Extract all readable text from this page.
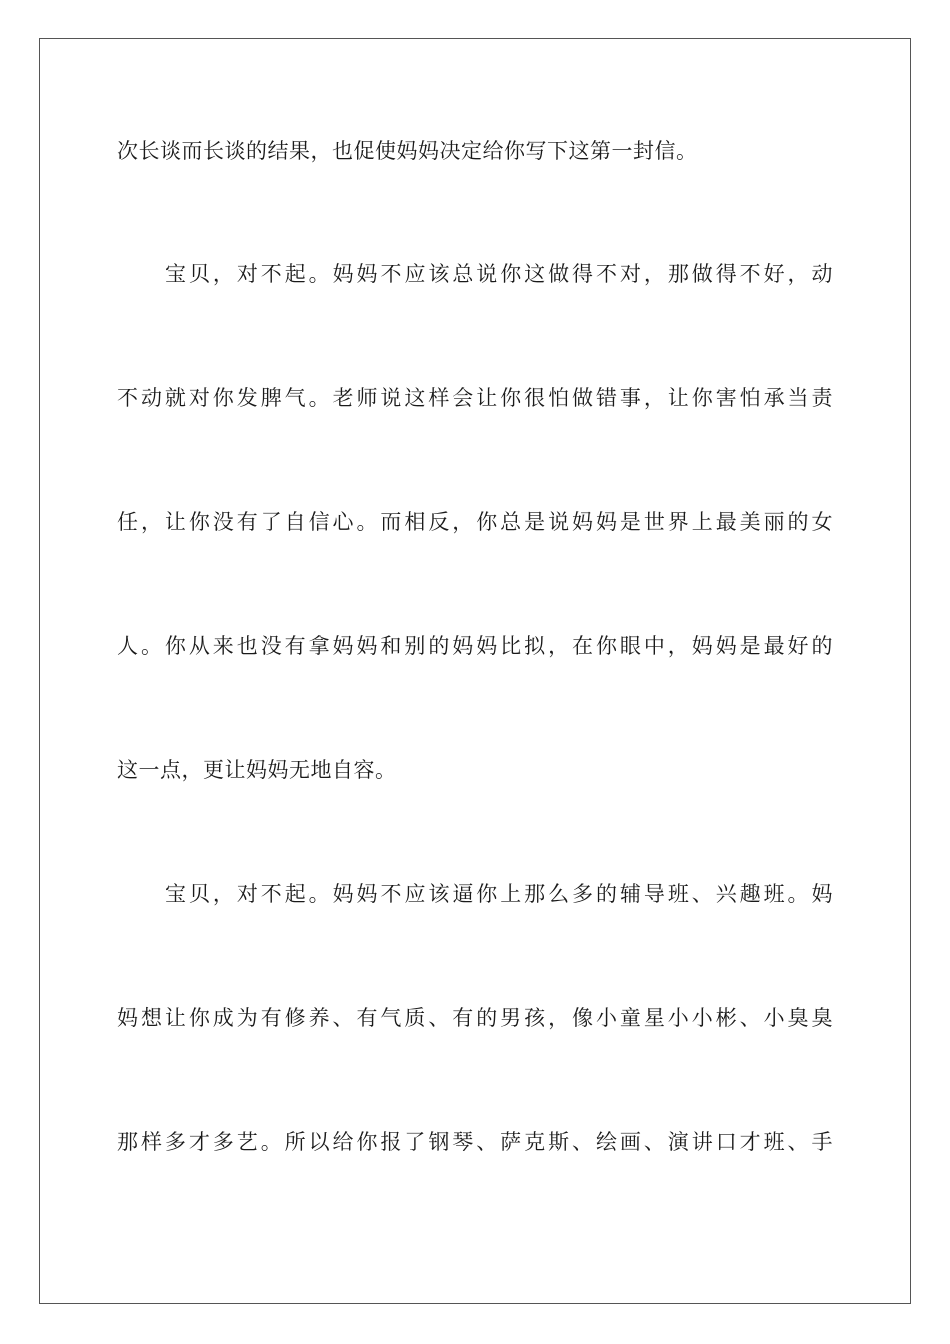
次长谈而长谈的结果，也促使妈妈决定给你写下这第一封信。
宝贝，对不起。妈妈不应该总说你这做得不对，那做得不好，动
不动就对你发脾气。老师说这样会让你很怕做错事，让你害怕承当责
任，让你没有了自信心。而相反，你总是说妈妈是世界上最美丽的女
人。你从来也没有拿妈妈和别的妈妈比拟，在你眼中，妈妈是最好的
这一点，更让妈妈无地自容。
宝贝，对不起。妈妈不应该逼你上那么多的辅导班、兴趣班。妈
妈想让你成为有修养、有气质、有的男孩，像小童星小小彬、小臭臭
那样多才多艺。所以给你报了钢琴、萨克斯、绘画、演讲口才班、手
